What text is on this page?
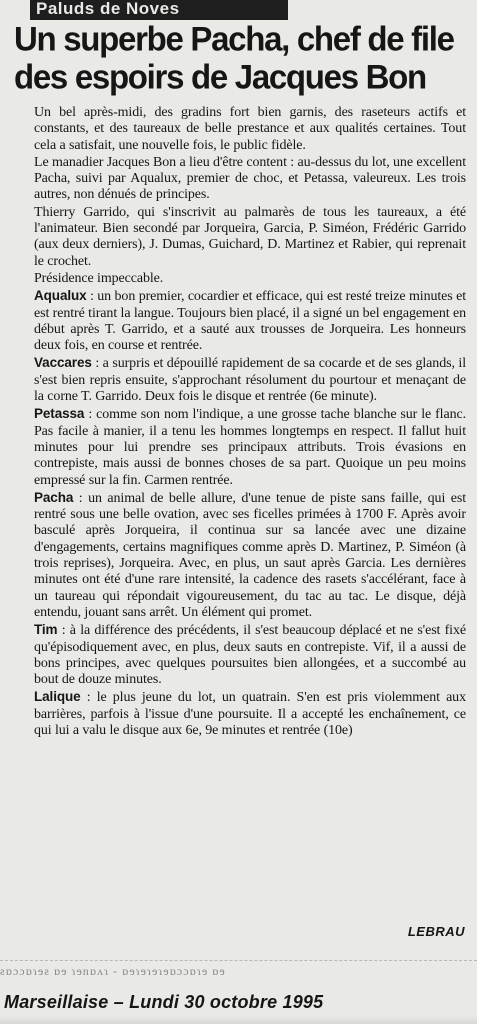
Paluds de Noves
Un superbe Pacha, chef de file
des espoirs de Jacques Bon

Un bel après-midi, des gradins fort bien garnis, des raseteurs actifs et constants, et des taureaux de belle prestance et aux qualités certaines. Tout cela a satisfait, une nouvelle fois, le public fidèle.

Le manadier Jacques Bon a lieu d'être content : au-dessus du lot, une excellent Pacha, suivi par Aqualux, premier de choc, et Petassa, valeureux. Les trois autres, non dénués de principes.

Thierry Garrido, qui s'inscrivit au palmarès de tous les taureaux, a été l'animateur. Bien secondé par Jorqueira, Garcia, P. Siméon, Frédéric Garrido (aux deux derniers), J. Dumas, Guichard, D. Martinez et Rabier, qui reprenait le crochet.

Présidence impeccable.

Aqualux : un bon premier, cocardier et efficace, qui est resté treize minutes et est rentré tirant la langue. Toujours bien placé, il a signé un bel engagement en début après T. Garrido, et a sauté aux trousses de Jorqueira. Les honneurs deux fois, en course et rentrée.

Vaccares : a surpris et dépouillé rapidement de sa cocarde et de ses glands, il s'est bien repris ensuite, s'approchant résolument du pourtour et menaçant de la corne T. Garrido. Deux fois le disque et rentrée (6e minute).

Petassa : comme son nom l'indique, a une grosse tache blanche sur le flanc. Pas facile à manier, il a tenu les hommes longtemps en respect. Il fallut huit minutes pour lui prendre ses principaux attributs. Trois évasions en contrepiste, mais aussi de bonnes choses de sa part. Quoique un peu moins empressé sur la fin. Carmen rentrée.

Pacha : un animal de belle allure, d'une tenue de piste sans faille, qui est rentré sous une belle ovation, avec ses ficelles primées à 1700 F. Après avoir basculé après Jorqueira, il continua sur sa lancée avec une dizaine d'engagements, certains magnifiques comme après D. Martinez, P. Siméon (à trois reprises), Jorqueira. Avec, en plus, un saut après Garcia. Les dernières minutes ont été d'une rare intensité, la cadence des rasets s'accélérant, face à un taureau qui répondait vigoureusement, du tac au tac. Le disque, déjà entendu, jouant sans arrêt. Un élément qui promet.

Tim : à la différence des précédents, il s'est beaucoup déplacé et ne s'est fixé qu'épisodiquement avec, en plus, deux sauts en contrepiste. Vif, il a aussi de bons principes, avec quelques poursuites bien allongées, et a succombé au bout de douze minutes.

Lalique : le plus jeune du lot, un quatrain. S'en est pris violemment aux barrières, parfois à l'issue d'une poursuite. Il a accepté les enchaînement, ce qui lui a valu le disque aux 6e, 9e minutes et rentrée (10e)

LEBRAU
ƨɒɔɔɒɿɘƨ ɒɘ ɿɘnɒʌɿ - ɒɘɿɘɿɘɿɘɒɔɔɒɿɘ ɒɘ
Marseillaise – Lundi 30 octobre 1995
